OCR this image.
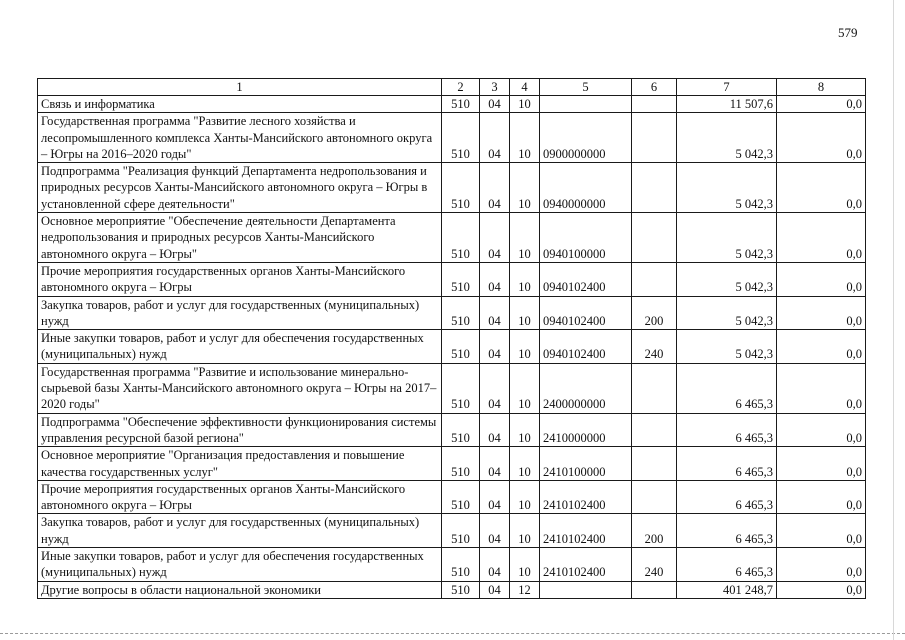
579
1	2	3	4	5	6	7	8
Связь и информатика	510	04	10			11 507,6	0,0
Государственная программа "Развитие лесного хозяйства и лесопромышленного комплекса Ханты-Мансийского автономного округа – Югры на 2016–2020 годы"	510	04	10	0900000000		5 042,3	0,0
Подпрограмма "Реализация функций Департамента недропользования и природных ресурсов Ханты-Мансийского автономного округа – Югры в установленной сфере деятельности"	510	04	10	0940000000		5 042,3	0,0
Основное мероприятие "Обеспечение деятельности Департамента недропользования и природных ресурсов Ханты-Мансийского автономного округа – Югры"	510	04	10	0940100000		5 042,3	0,0
Прочие мероприятия государственных органов Ханты-Мансийского автономного округа – Югры	510	04	10	0940102400		5 042,3	0,0
Закупка товаров, работ и услуг для государственных (муниципальных) нужд	510	04	10	0940102400	200	5 042,3	0,0
Иные закупки товаров, работ и услуг для обеспечения государственных (муниципальных) нужд	510	04	10	0940102400	240	5 042,3	0,0
Государственная программа "Развитие и использование минерально-сырьевой базы Ханты-Мансийского автономного округа – Югры на 2017–2020 годы"	510	04	10	2400000000		6 465,3	0,0
Подпрограмма "Обеспечение эффективности функционирования системы управления ресурсной базой региона"	510	04	10	2410000000		6 465,3	0,0
Основное мероприятие "Организация предоставления и повышение качества государственных услуг"	510	04	10	2410100000		6 465,3	0,0
Прочие мероприятия государственных органов Ханты-Мансийского автономного округа – Югры	510	04	10	2410102400		6 465,3	0,0
Закупка товаров, работ и услуг для государственных (муниципальных) нужд	510	04	10	2410102400	200	6 465,3	0,0
Иные закупки товаров, работ и услуг для обеспечения государственных (муниципальных) нужд	510	04	10	2410102400	240	6 465,3	0,0
Другие вопросы в области национальной экономики	510	04	12			401 248,7	0,0
